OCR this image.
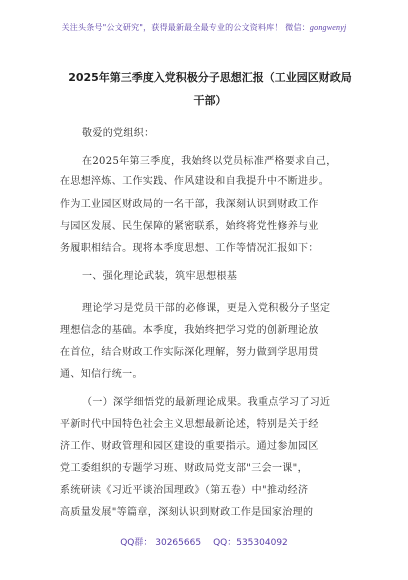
关注头条号"公文研究"，获得最新最全最专业的公文资料库！ 微信：gongwenyj
2025年第三季度入党积极分子思想汇报（工业园区财政局
干部）
敬爱的党组织：
在2025年第三季度，我始终以党员标准严格要求自己，
在思想淬炼、工作实践、作风建设和自我提升中不断进步。
作为工业园区财政局的一名干部，我深刻认识到财政工作
与园区发展、民生保障的紧密联系，始终将党性修养与业
务履职相结合。现将本季度思想、工作等情况汇报如下：
一、强化理论武装，筑牢思想根基
理论学习是党员干部的必修课，更是入党积极分子坚定
理想信念的基础。本季度，我始终把学习党的创新理论放
在首位，结合财政工作实际深化理解，努力做到学思用贯
通、知信行统一。
（一）深学细悟党的最新理论成果。我重点学习了习近
平新时代中国特色社会主义思想最新论述，特别是关于经
济工作、财政管理和园区建设的重要指示。通过参加园区
党工委组织的专题学习班、财政局党支部"三会一课"，
系统研读《习近平谈治国理政》（第五卷）中"推动经济
高质量发展"等篇章，深刻认识到财政工作是国家治理的
QQ群： 30265665 QQ：535304092
